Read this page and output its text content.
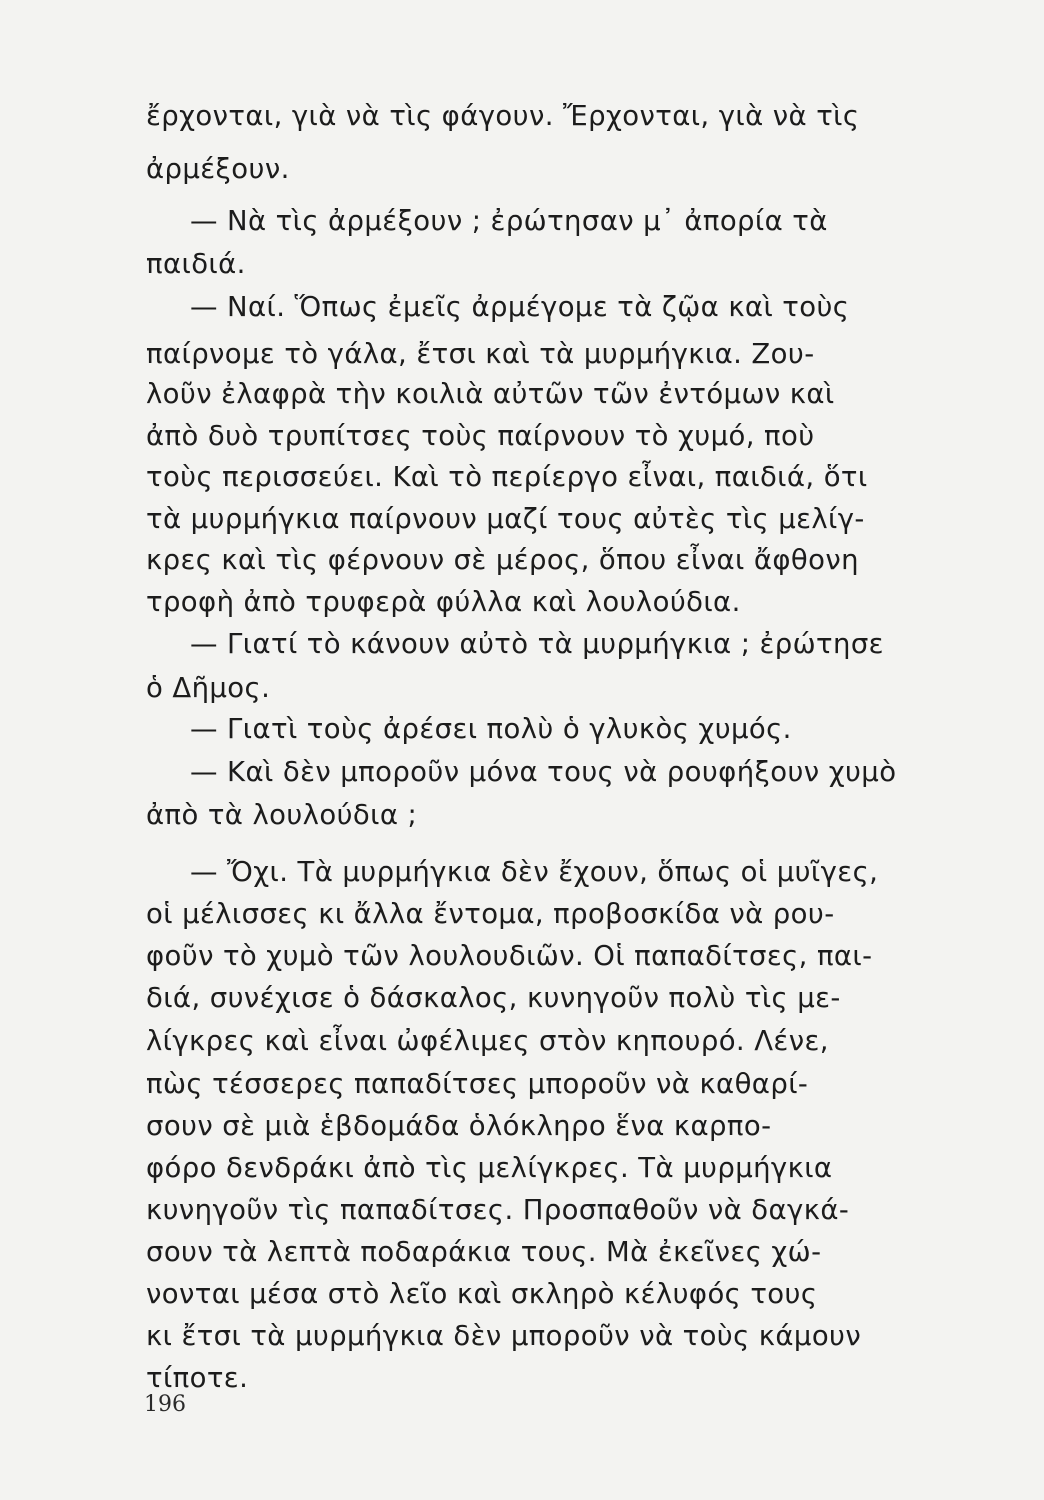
ἔρχονται, γιὰ νὰ τὶς φάγουν. Ἔρχονται, γιὰ νὰ τὶς
ἀρμέξουν.
— Νὰ τὶς ἀρμέξουν ; ἐρώτησαν μ᾿ ἀπορία τὰ
παιδιά.
— Ναί. Ὅπως ἐμεῖς ἀρμέγομε τὰ ζῷα καὶ τοὺς
παίρνομε τὸ γάλα, ἔτσι καὶ τὰ μυρμήγκια. Ζου-
λοῦν ἐλαφρὰ τὴν κοιλιὰ αὐτῶν τῶν ἐντόμων καὶ
ἀπὸ δυὸ τρυπίτσες τοὺς παίρνουν τὸ χυμό, ποὺ
τοὺς περισσεύει. Καὶ τὸ περίεργο εἶναι, παιδιά, ὅτι
τὰ μυρμήγκια παίρνουν μαζί τους αὐτὲς τὶς μελίγ-
κρες καὶ τὶς φέρνουν σὲ μέρος, ὅπου εἶναι ἄφθονη
τροφὴ ἀπὸ τρυφερὰ φύλλα καὶ λουλούδια.
— Γιατί τὸ κάνουν αὐτὸ τὰ μυρμήγκια ; ἐρώτησε
ὁ Δῆμος.
— Γιατὶ τοὺς ἀρέσει πολὺ ὁ γλυκὸς χυμός.
— Καὶ δὲν μποροῦν μόνα τους νὰ ρουφήξουν χυμὸ
ἀπὸ τὰ λουλούδια ;
— Ὄχι. Τὰ μυρμήγκια δὲν ἔχουν, ὅπως οἱ μυῖγες,
οἱ μέλισσες κι ἄλλα ἔντομα, προβοσκίδα νὰ ρου-
φοῦν τὸ χυμὸ τῶν λουλουδιῶν. Οἱ παπαδίτσες, παι-
διά, συνέχισε ὁ δάσκαλος, κυνηγοῦν πολὺ τὶς με-
λίγκρες καὶ εἶναι ὠφέλιμες στὸν κηπουρό. Λένε,
πὼς τέσσερες παπαδίτσες μποροῦν νὰ καθαρί-
σουν σὲ μιὰ ἑβδομάδα ὁλόκληρο ἕνα καρπο-
φόρο δενδράκι ἀπὸ τὶς μελίγκρες. Τὰ μυρμήγκια
κυνηγοῦν τὶς παπαδίτσες. Προσπαθοῦν νὰ δαγκά-
σουν τὰ λεπτὰ ποδαράκια τους. Μὰ ἐκεῖνες χώ-
νονται μέσα στὸ λεῖο καὶ σκληρὸ κέλυφός τους
κι ἔτσι τὰ μυρμήγκια δὲν μποροῦν νὰ τοὺς κάμουν
τίποτε.
196
